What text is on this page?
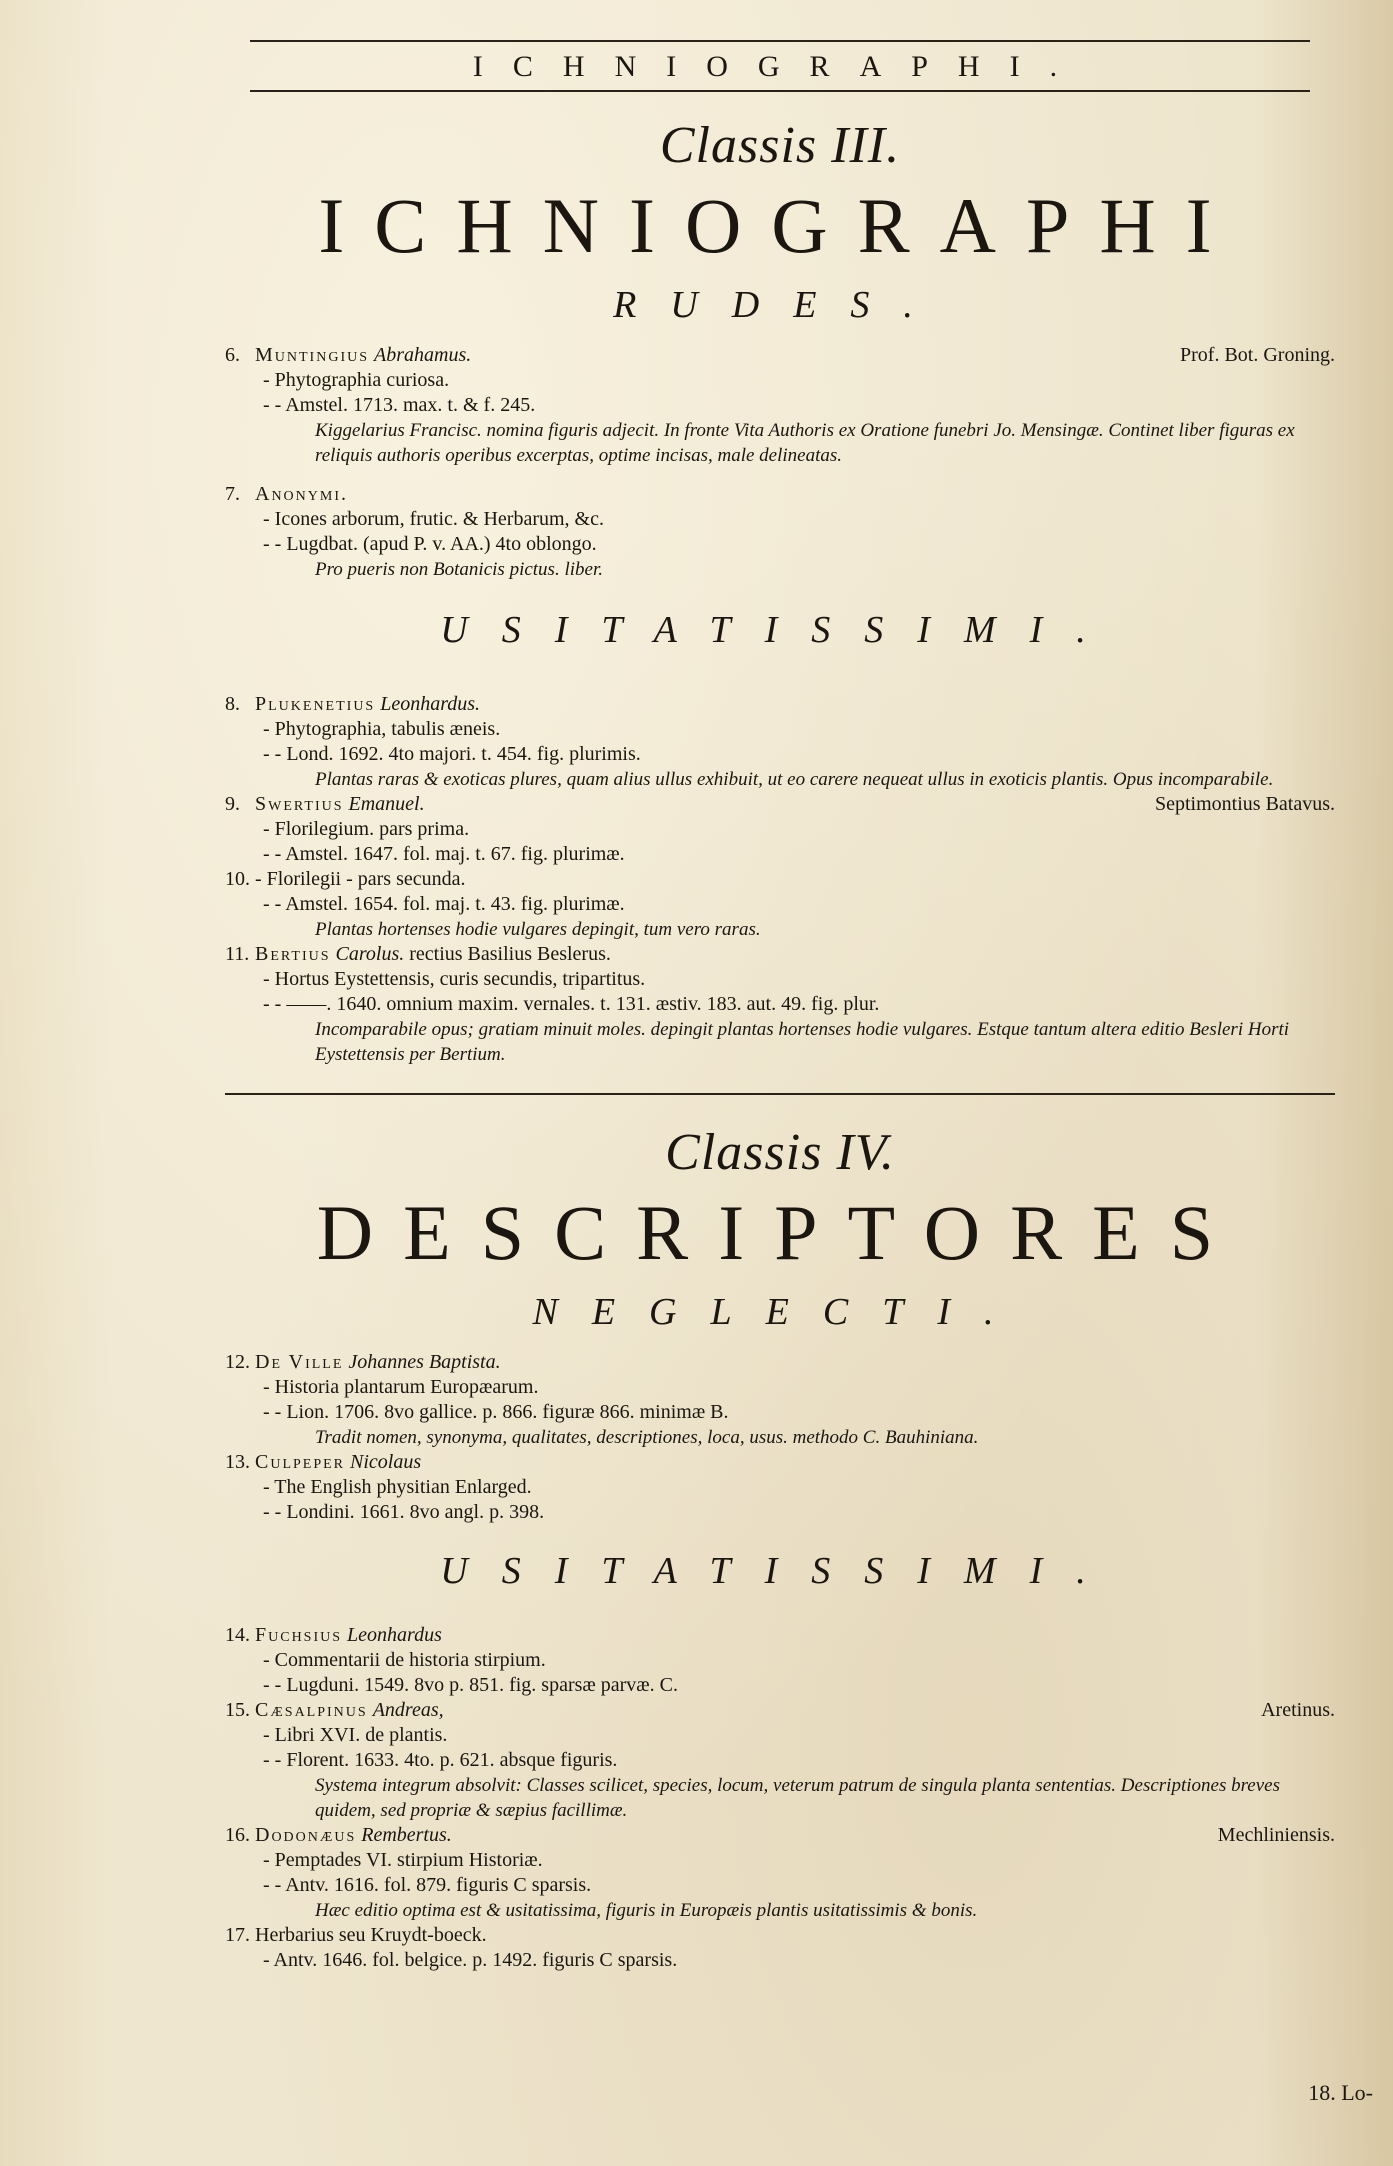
ICHNIOGRAPHI.
Classis III.
ICHNIOGRAPHI
RUDES.
6. Muntingius Abrahamus.	Prof. Bot. Groning.
- Phytographia curiosa.
- - Amstel. 1713. max. t. & f. 245.
Kiggelarius Francisc. nomina figuris adjecit. In fronte Vita Authoris ex Oratione funebri Jo. Mensingæ. Continet liber figuras ex reliquis authoris operibus excerptas, optime incisas, male delineatas.
7. Anonymi.
- Icones arborum, frutic. & Herbarum, &c.
- - Lugdbat. (apud P. v. AA.) 4to oblongo.
Pro pueris non Botanicis pictus. liber.
USITATISSIMI.
8. Plukenetius Leonhardus.
- Phytographia, tabulis æneis.
- - Lond. 1692. 4to majori. t. 454. fig. plurimis.
Plantas raras & exoticas plures, quam alius ullus exhibuit, ut eo carere nequeat ullus in exoticis plantis. Opus incomparabile.
9. Swertius Emanuel.	Septimontius Batavus.
- Florilegium. pars prima.
- - Amstel. 1647. fol. maj. t. 67. fig. plurimæ.
10. - Florilegii - pars secunda.
- - Amstel. 1654. fol. maj. t. 43. fig. plurimæ.
Plantas hortenses hodie vulgares depingit, tum vero raras.
11. Bertius Carolus. rectius Basilius Beslerus.
- Hortus Eystettensis, curis secundis, tripartitus.
- - ——. 1640. omnium maxim. vernales. t. 131. æstiv. 183. aut. 49. fig. plur.
Incomparabile opus; gratiam minuit moles. depingit plantas hortenses hodie vulgares. Estque tantum altera editio Besleri Horti Eystettensis per Bertium.
Classis IV.
DESCRIPTORES
NEGLECTI.
12. De Ville Johannes Baptista.
- Historia plantarum Europæarum.
- - Lion. 1706. 8vo gallice. p. 866. figuræ 866. minimæ B.
Tradit nomen, synonyma, qualitates, descriptiones, loca, usus. methodo C. Bauhiniana.
13. Culpeper Nicolaus
- The English physitian Enlarged.
- - Londini. 1661. 8vo angl. p. 398.
USITATISSIMI.
14. Fuchsius Leonhardus
- Commentarii de historia stirpium.
- - Lugduni. 1549. 8vo p. 851. fig. sparsæ parvæ. C.
15. Cæsalpinus Andreas,	Aretinus.
- Libri XVI. de plantis.
- - Florent. 1633. 4to. p. 621. absque figuris.
Systema integrum absolvit: Classes scilicet, species, locum, veterum patrum de singula planta sententias. Descriptiones breves quidem, sed propriæ & sæpius facillimæ.
16. Dodonæus Rembertus.	Mechliniensis.
- Pemptades VI. stirpium Historiæ.
- - Antv. 1616. fol. 879. figuris C sparsis.
Hæc editio optima est & usitatissima, figuris in Europæis plantis usitatissimis & bonis.
17. Herbarius seu Kruydt-boeck.
- Antv. 1646. fol. belgice. p. 1492. figuris C sparsis.
18. Lo-
